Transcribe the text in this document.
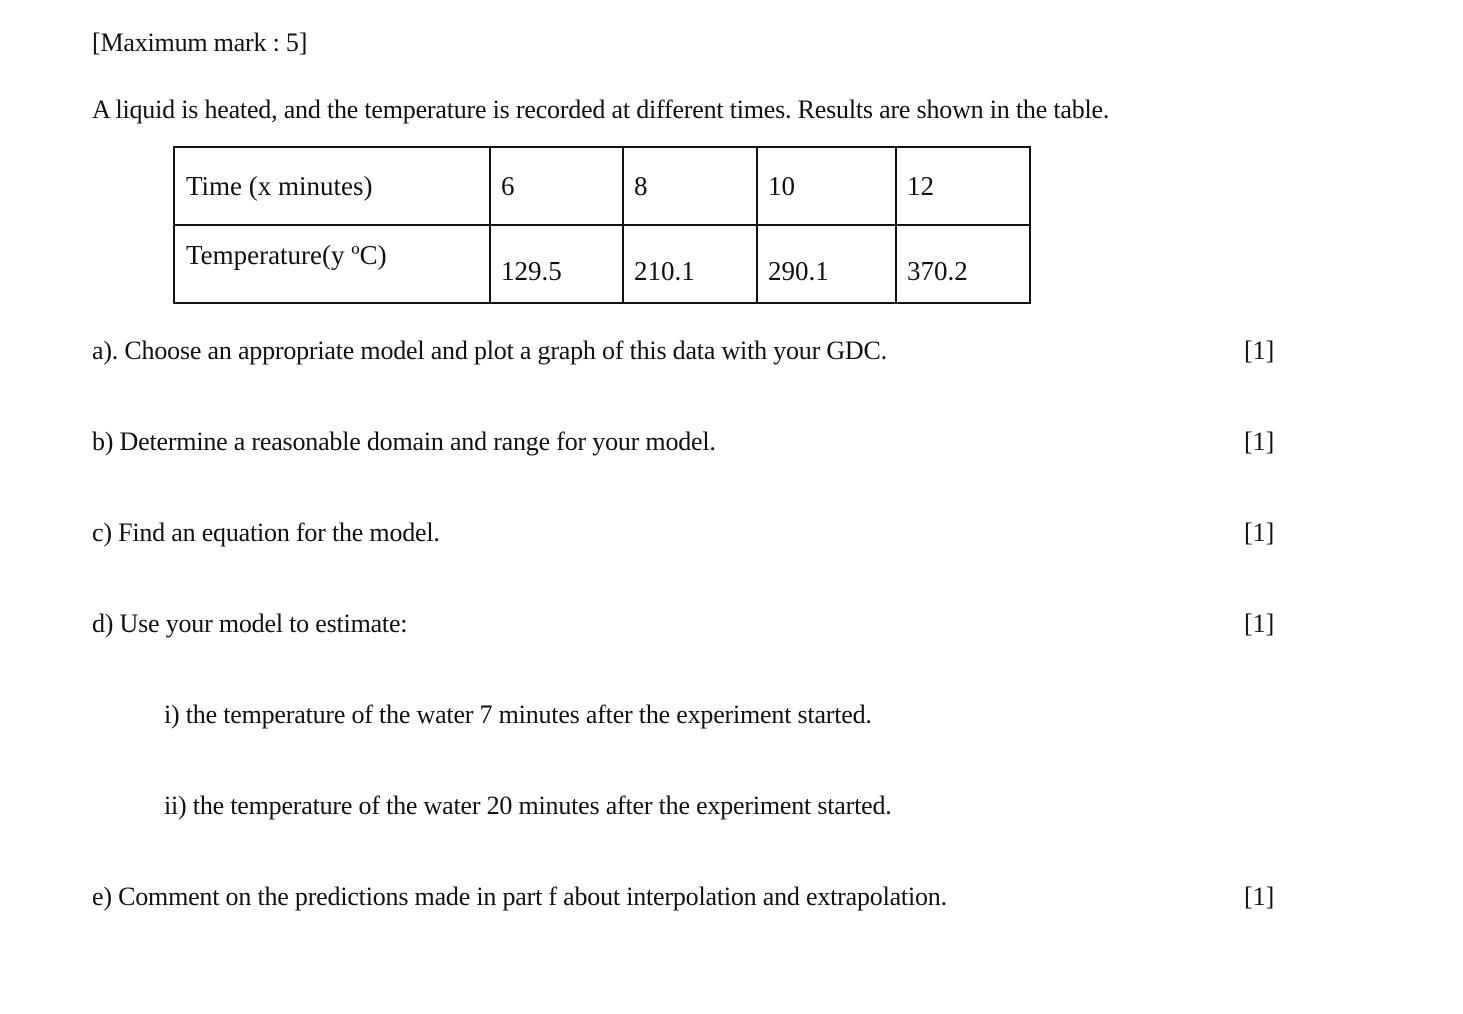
[Maximum mark : 5]
A liquid is heated, and the temperature is recorded at different times. Results are shown in the table.
Time (x minutes)	6	8	10	12
Temperature(y ºC)	129.5	210.1	290.1	370.2
a). Choose an appropriate model and plot a graph of this data with your GDC.	[1]
b) Determine a reasonable domain and range for your model.	[1]
c) Find an equation for the model.	[1]
d) Use your model to estimate:	[1]
i) the temperature of the water 7 minutes after the experiment started.
ii) the temperature of the water 20 minutes after the experiment started.
e) Comment on the predictions made in part f about interpolation and extrapolation.	[1]
